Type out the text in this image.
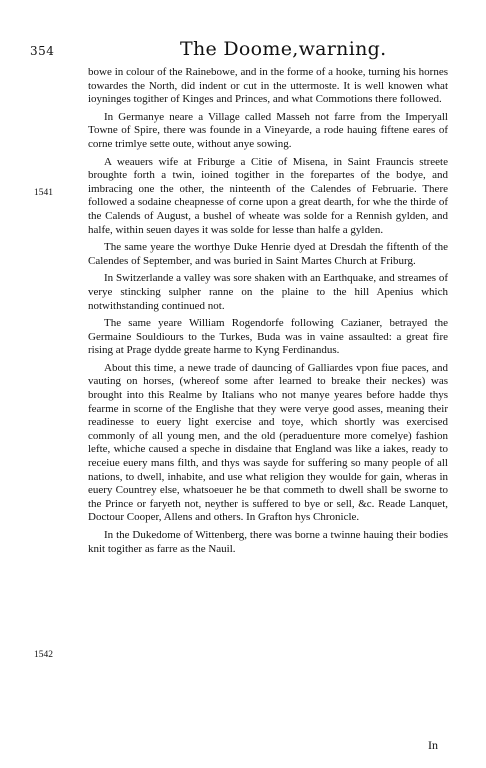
354	The Doome,warning.
1541
1542

bowe in colour of the Rainebowe, and in the forme of a hooke, turning his hornes towardes the North, did indent or cut in the uttermoste. It is well knowen what ioyninges togither of Kinges and Princes, and what Commotions there followed.

In Germanye neare a Village called Masseh not farre from the Imperyall Towne of Spire, there was founde in a Vineyarde, a rode hauing fiftene eares of corne trimlye sette oute, without anye sowing.

A weauers wife at Friburge a Citie of Misena, in Saint Frauncis streete broughte forth a twin, ioined togither in the forepartes of the bodye, and imbracing one the other, the ninteenth of the Calendes of Februarie. There followed a sodaine cheapnesse of corne upon a great dearth, for whe the thirde of the Calends of August, a bushel of wheate was solde for a Rennish gylden, and halfe, within seuen dayes it was solde for lesse than halfe a gylden.

The same yeare the worthye Duke Henrie dyed at Dresdah the fiftenth of the Calendes of September, and was buried in Saint Martes Church at Friburg.

In Switzerlande a valley was sore shaken with an Earthquake, and streames of verye stincking sulpher ranne on the plaine to the hill Apenius which notwithstanding continued not.

The same yeare William Rogendorfe following Cazianer, betrayed the Germaine Souldiours to the Turkes, Buda was in vaine assaulted: a great fire rising at Prage dydde greate harme to Kyng Ferdinandus.

About this time, a newe trade of dauncing of Galliardes vpon fiue paces, and vauting on horses, (whereof some after learned to breake their neckes) was brought into this Realme by Italians who not manye yeares before hadde thys fearme in scorne of the Englishe that they were verye good asses, meaning their readinesse to euery light exercise and toye, which shortly was exercised commonly of all young men, and the old (peraduenture more comelye) fashion lefte, whiche caused a speche in disdaine that England was like a iakes, ready to receiue euery mans filth, and thys was sayde for suffering so many people of all nations, to dwell, inhabite, and use what religion they woulde for gain, wheras in euery Countrey else, whatsoeuer he be that commeth to dwell shall be sworne to the Prince or faryeth not, neyther is suffered to bye or sell, &c. Reade Lanquet, Doctour Cooper, Allens and others. In Grafton hys Chronicle.

In the Dukedome of Wittenberg, there was borne a twinne hauing their bodies knit togither as farre as the Nauil.

In
